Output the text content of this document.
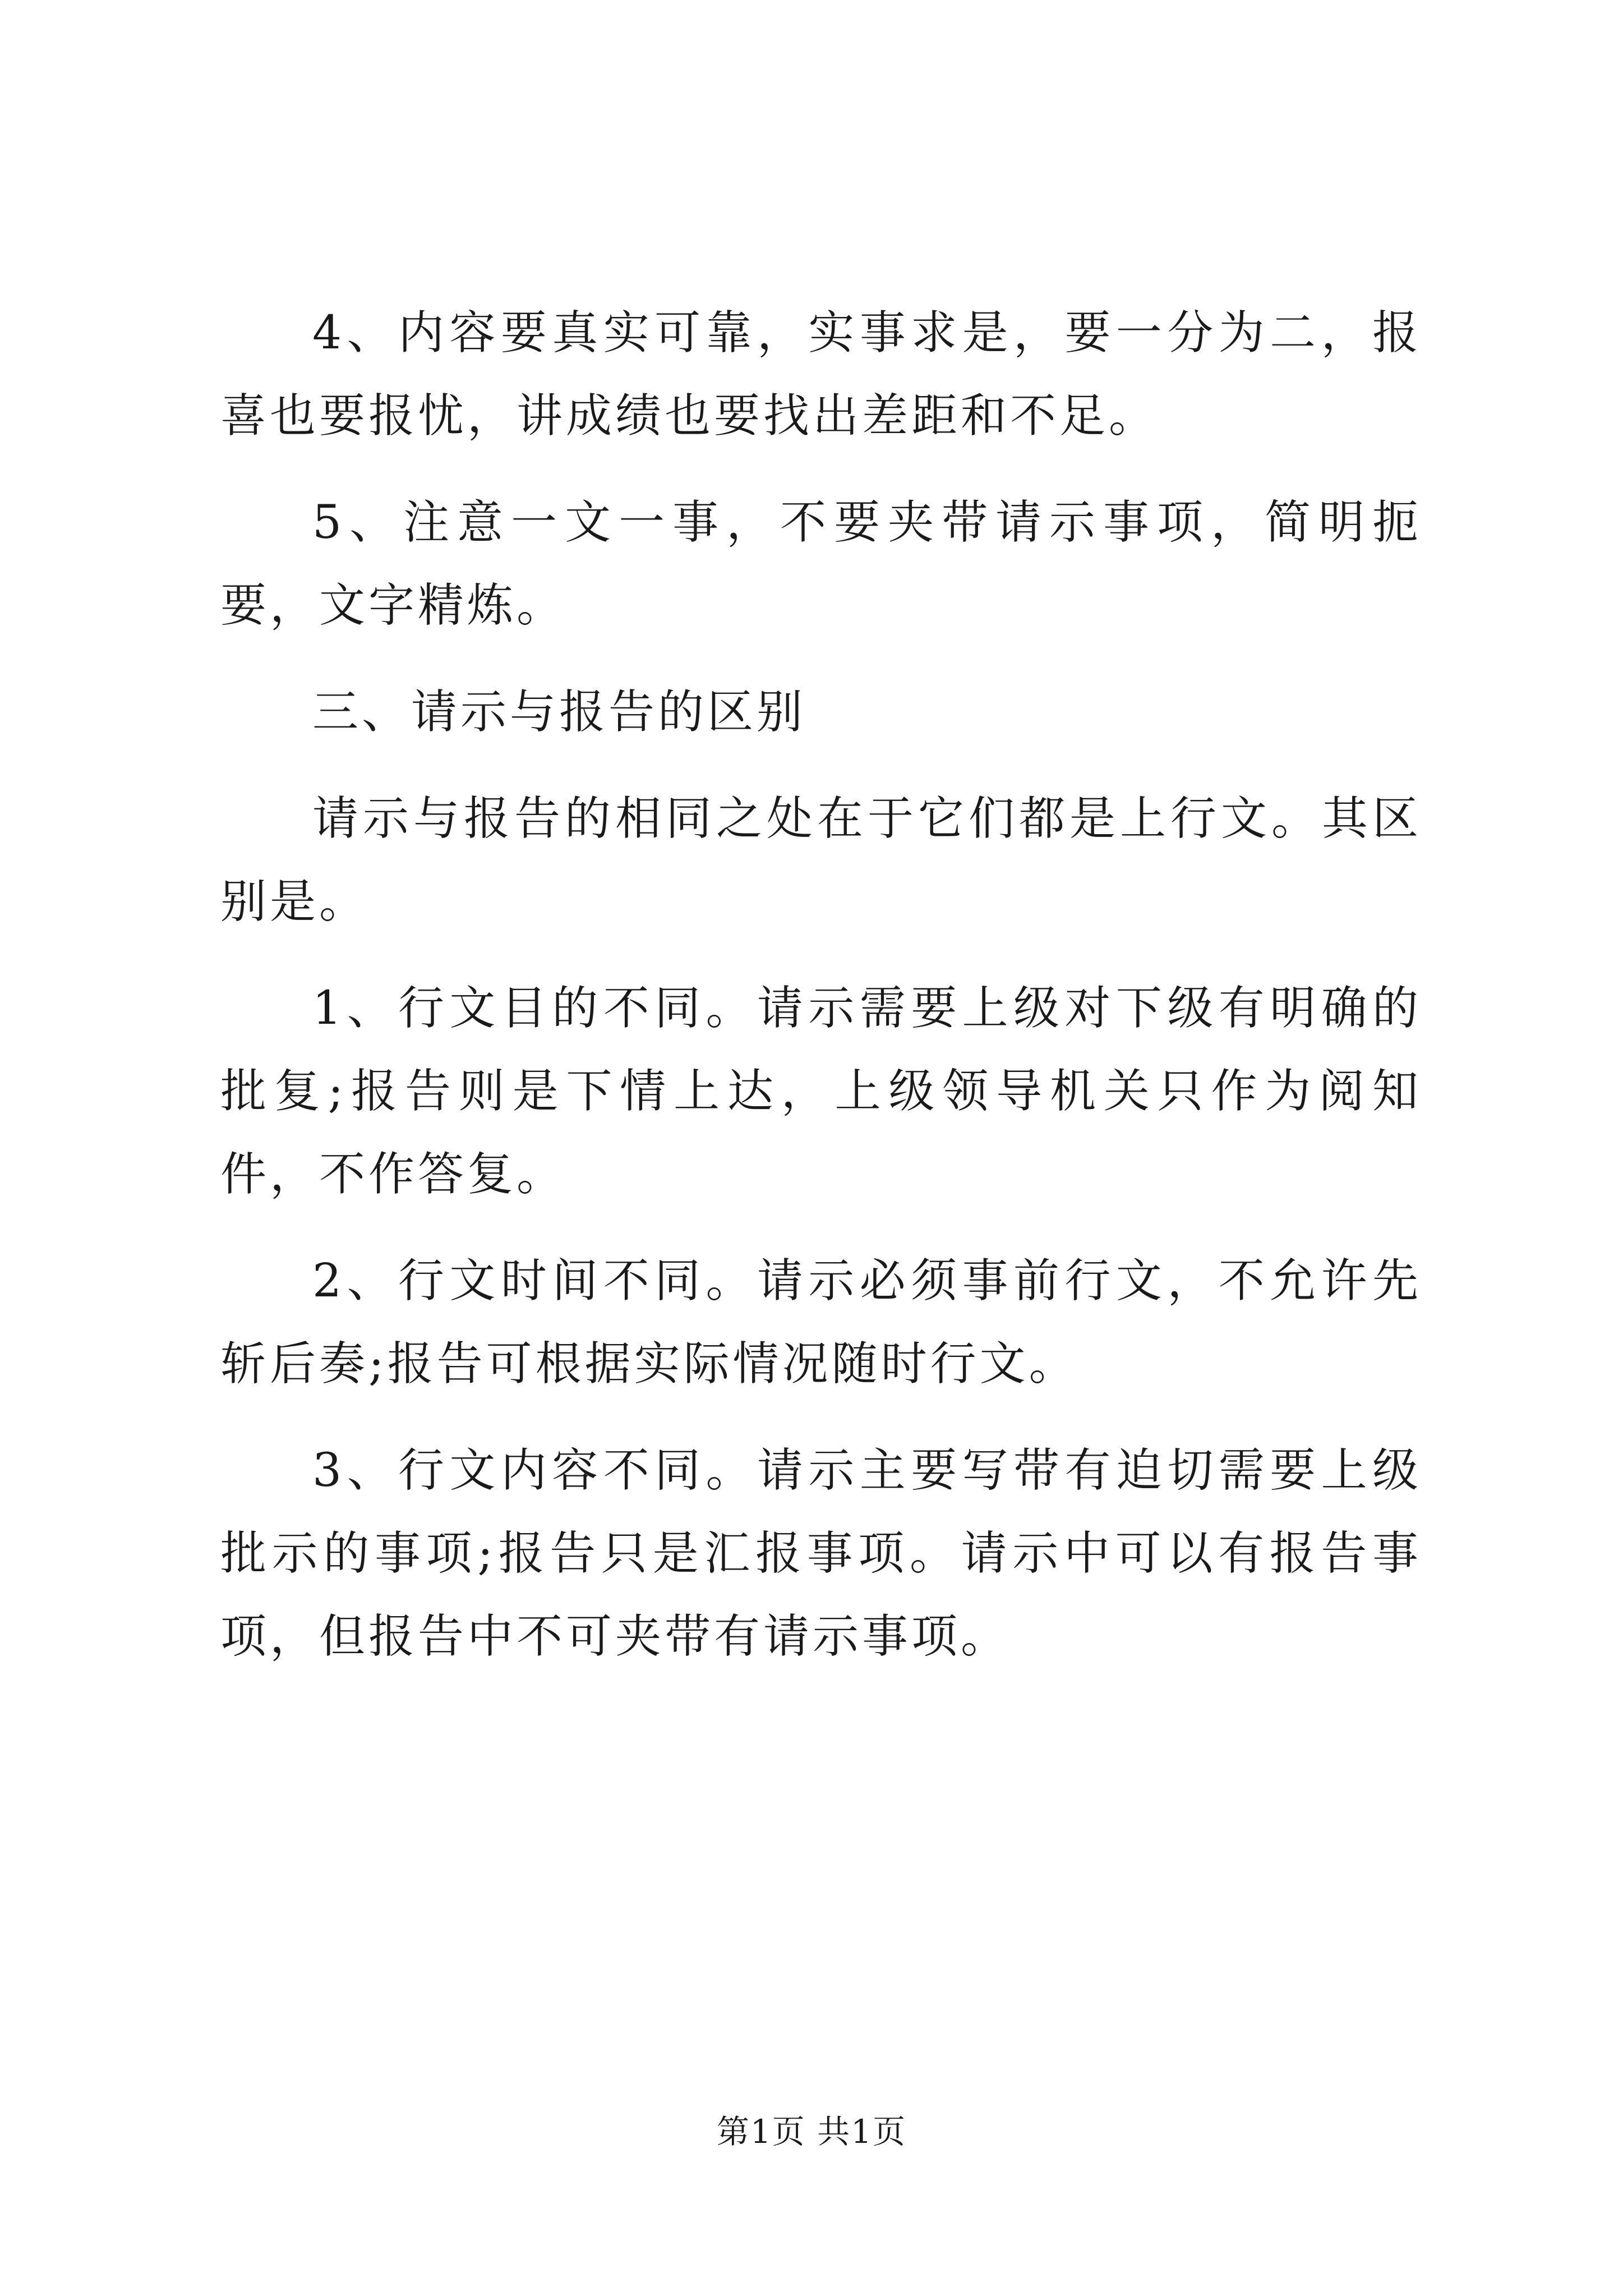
4、内容要真实可靠，实事求是，要一分为二，报喜也要报忧，讲成绩也要找出差距和不足。

5、注意一文一事，不要夹带请示事项，简明扼要，文字精炼。

三、请示与报告的区别

请示与报告的相同之处在于它们都是上行文。其区别是。

1、行文目的不同。请示需要上级对下级有明确的批复;报告则是下情上达，上级领导机关只作为阅知件，不作答复。

2、行文时间不同。请示必须事前行文，不允许先斩后奏;报告可根据实际情况随时行文。

3、行文内容不同。请示主要写带有迫切需要上级批示的事项;报告只是汇报事项。请示中可以有报告事项，但报告中不可夹带有请示事项。

第1页 共1页
